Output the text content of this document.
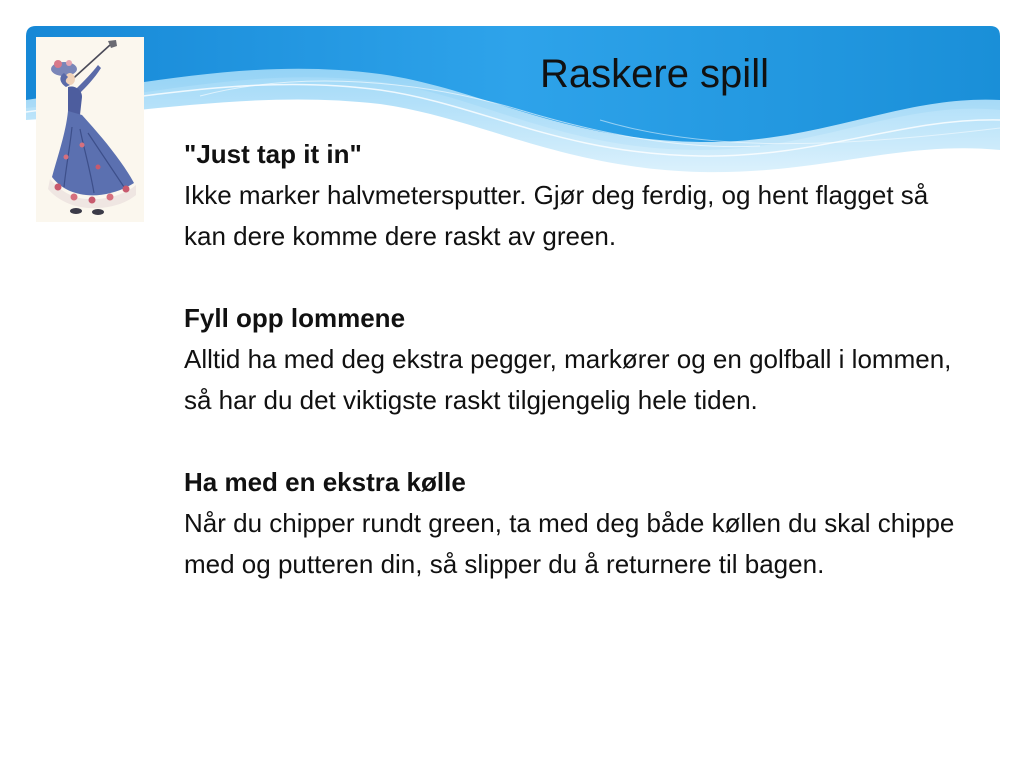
Raskere spill
"Just tap it in"
Ikke marker halvmetersputter. Gjør deg ferdig, og hent flagget så kan dere komme dere raskt av green.
Fyll opp lommene
Alltid ha med deg ekstra pegger, markører og en golfball i lommen, så har du det viktigste raskt tilgjengelig hele tiden.
Ha med en ekstra kølle
Når du chipper rundt green, ta med deg både køllen du skal chippe med og putteren din, så slipper du å returnere til bagen.
